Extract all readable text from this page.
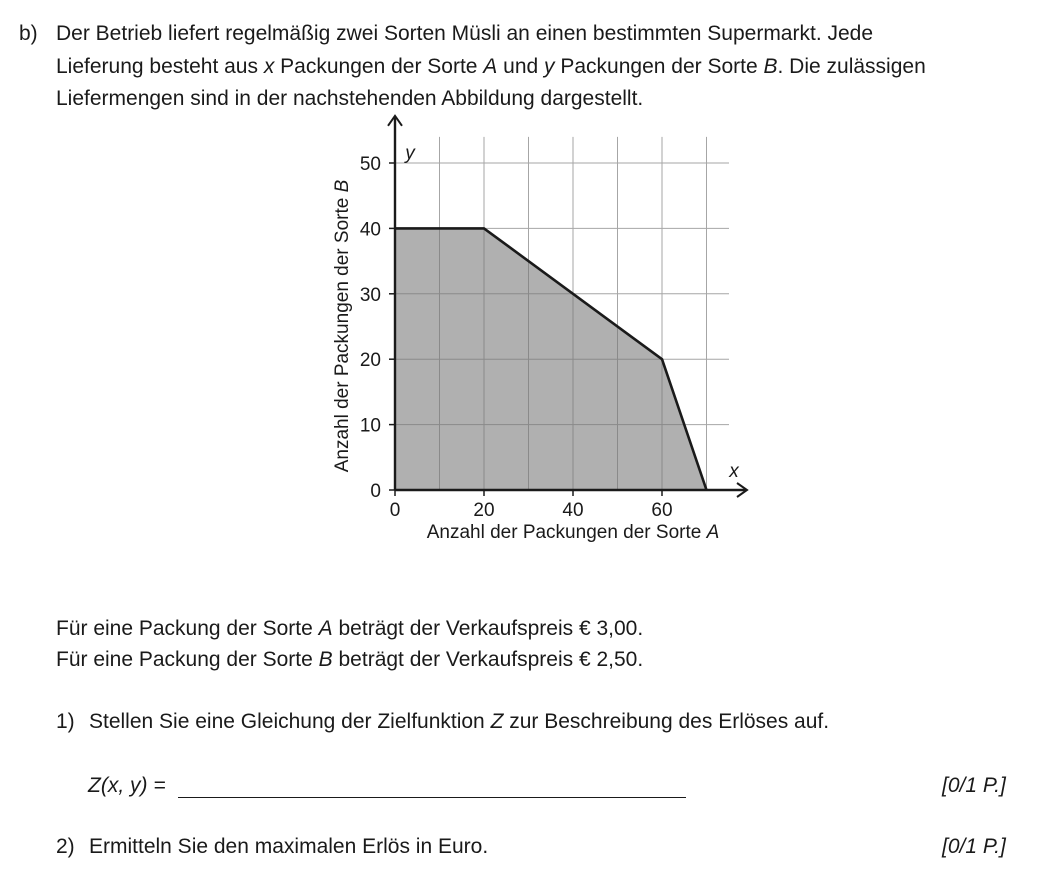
b) Der Betrieb liefert regelmäßig zwei Sorten Müsli an einen bestimmten Supermarkt. Jede
Lieferung besteht aus x Packungen der Sorte A und y Packungen der Sorte B. Die zulässigen
Liefermengen sind in der nachstehenden Abbildung dargestellt.
0	20	40	60
0
10
20
30
40
50
x
y
Anzahl der Packungen der Sorte A
Anzahl der Packungen der Sorte B
Für eine Packung der Sorte A beträgt der Verkaufspreis € 3,00.
Für eine Packung der Sorte B beträgt der Verkaufspreis € 2,50.
1) Stellen Sie eine Gleichung der Zielfunktion Z zur Beschreibung des Erlöses auf.
Z(x, y) =	[0/1 P.]
2) Ermitteln Sie den maximalen Erlös in Euro.	[0/1 P.]
